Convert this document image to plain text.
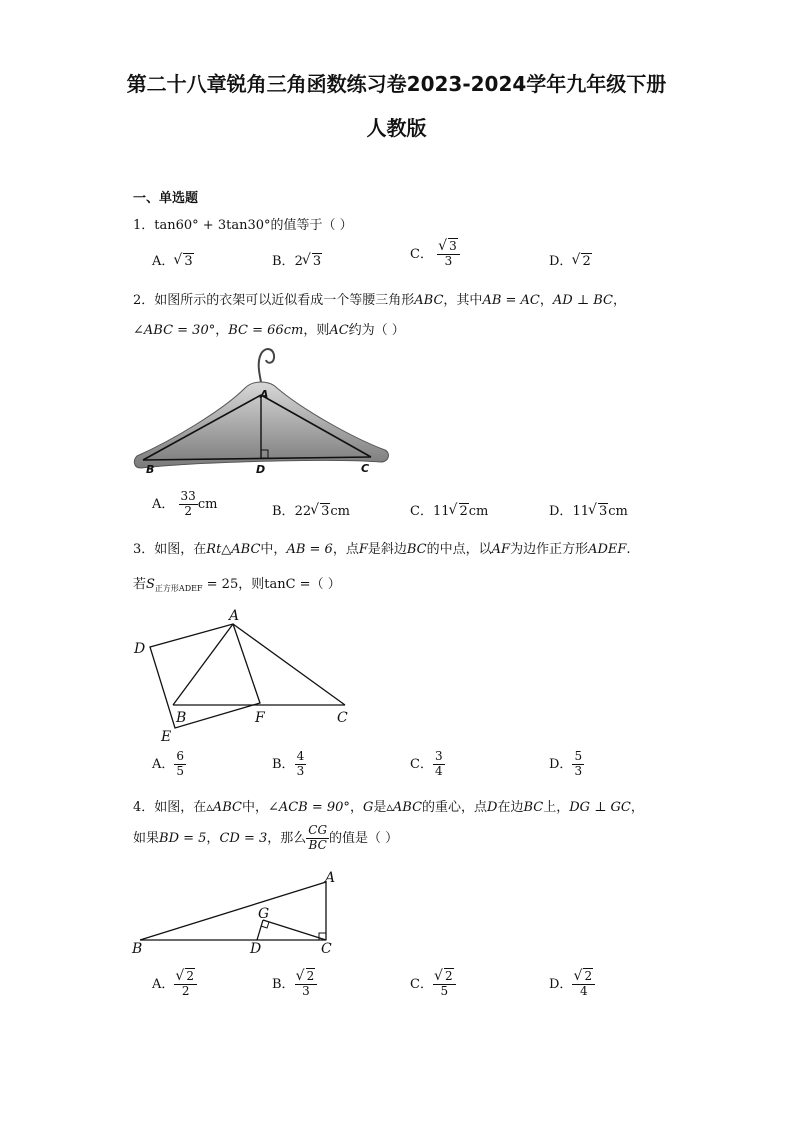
第二十八章锐角三角函数练习卷2023-2024学年九年级下册
人教版
一、单选题
1．tan60° + 3tan30°的值等于（ ）
A． √ 3	B．2 √ 3	C． √ $\frac{3}{3}$	D． √ 2
2．如图所示的衣架可以近似看成一个等腰三角形ABC，其中AB = AC，AD ⊥ BC，
∠ABC = 30°，BC = 66cm，则AC约为（ ）
A
B	D	C
A． $\frac{33}{2}$ cm	B．22 √ 3cm	C．11 √ 2cm	D．11 √ 3cm
3．如图，在Rt△ABC中，AB = 6，点F是斜边BC的中点，以AF为边作正方形ADEF.
若$S_{正方形ADEF} = 25$，则tanC =（ ）
A
D
B	F	C
E
A． $\frac{6}{5}$	B． $\frac{4}{3}$	C． $\frac{3}{4}$	D． $\frac{5}{3}$
4．如图，在▵ABC中，∠ACB = 90°，G是▵ABC的重心，点D在边BC上，DG ⊥ GC，
如果BD = 5，CD = 3，那么 $\frac{CG}{BC}$ 的值是（ ）
A
G
B	D	C
A． √ $\frac{2}{2}$	B． √ $\frac{2}{3}$	C． √ $\frac{2}{5}$	D． √ $\frac{2}{4}$
